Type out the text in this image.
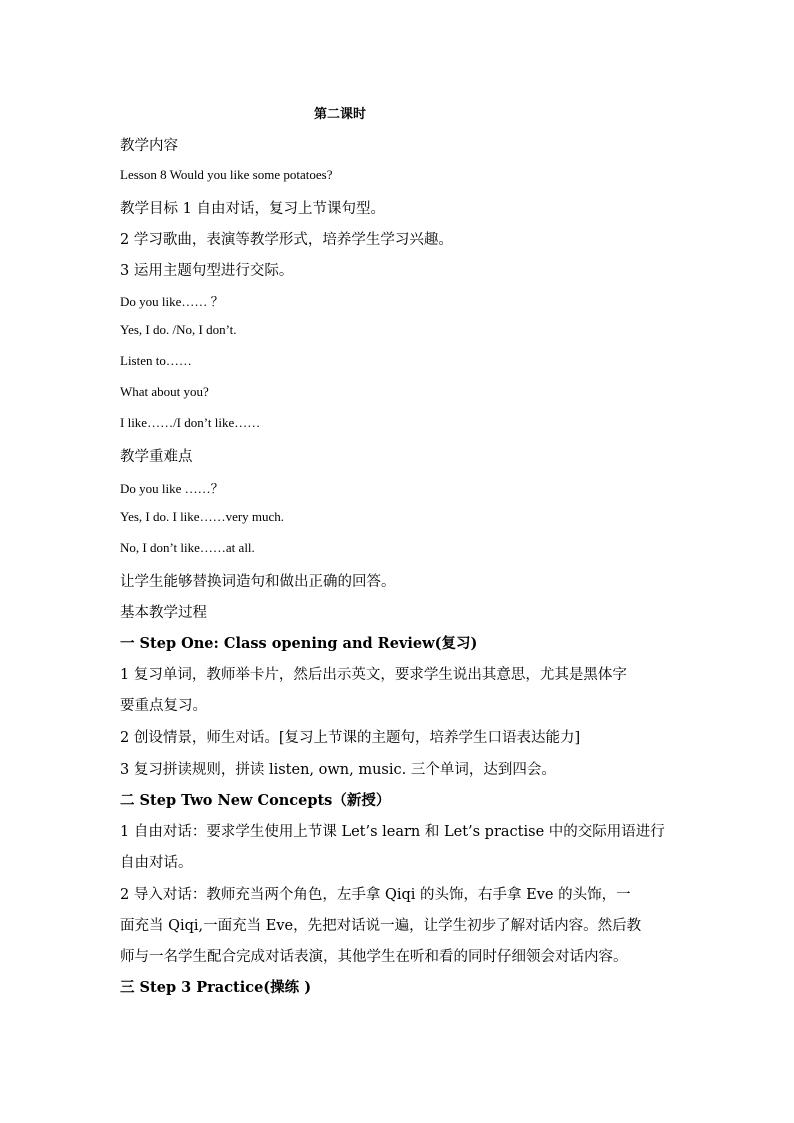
第二课时
教学内容
Lesson 8 Would you like some potatoes?
教学目标 1 自由对话，复习上节课句型。
2 学习歌曲，表演等教学形式，培养学生学习兴趣。
3 运用主题句型进行交际。
Do you like…… ？
Yes, I do. /No, I don’t.
Listen to……
What about you?
I like……/I don’t like……
教学重难点
Do you like ……？
Yes, I do. I like……very much.
No, I don’t like……at all.
让学生能够替换词造句和做出正确的回答。
基本教学过程
一 Step One: Class opening and Review(复习)
1 复习单词，教师举卡片，然后出示英文，要求学生说出其意思，尤其是黑体字
要重点复习。
2 创设情景，师生对话。[复习上节课的主题句，培养学生口语表达能力]
3 复习拼读规则，拼读 listen, own, music. 三个单词，达到四会。
二 Step Two New Concepts（新授）
1 自由对话：要求学生使用上节课 Let’s learn 和 Let’s practise 中的交际用语进行
自由对话。
2 导入对话：教师充当两个角色，左手拿 Qiqi 的头饰，右手拿 Eve 的头饰，一
面充当 Qiqi,一面充当 Eve，先把对话说一遍，让学生初步了解对话内容。然后教
师与一名学生配合完成对话表演，其他学生在听和看的同时仔细领会对话内容。
三 Step 3 Practice(操练 )
